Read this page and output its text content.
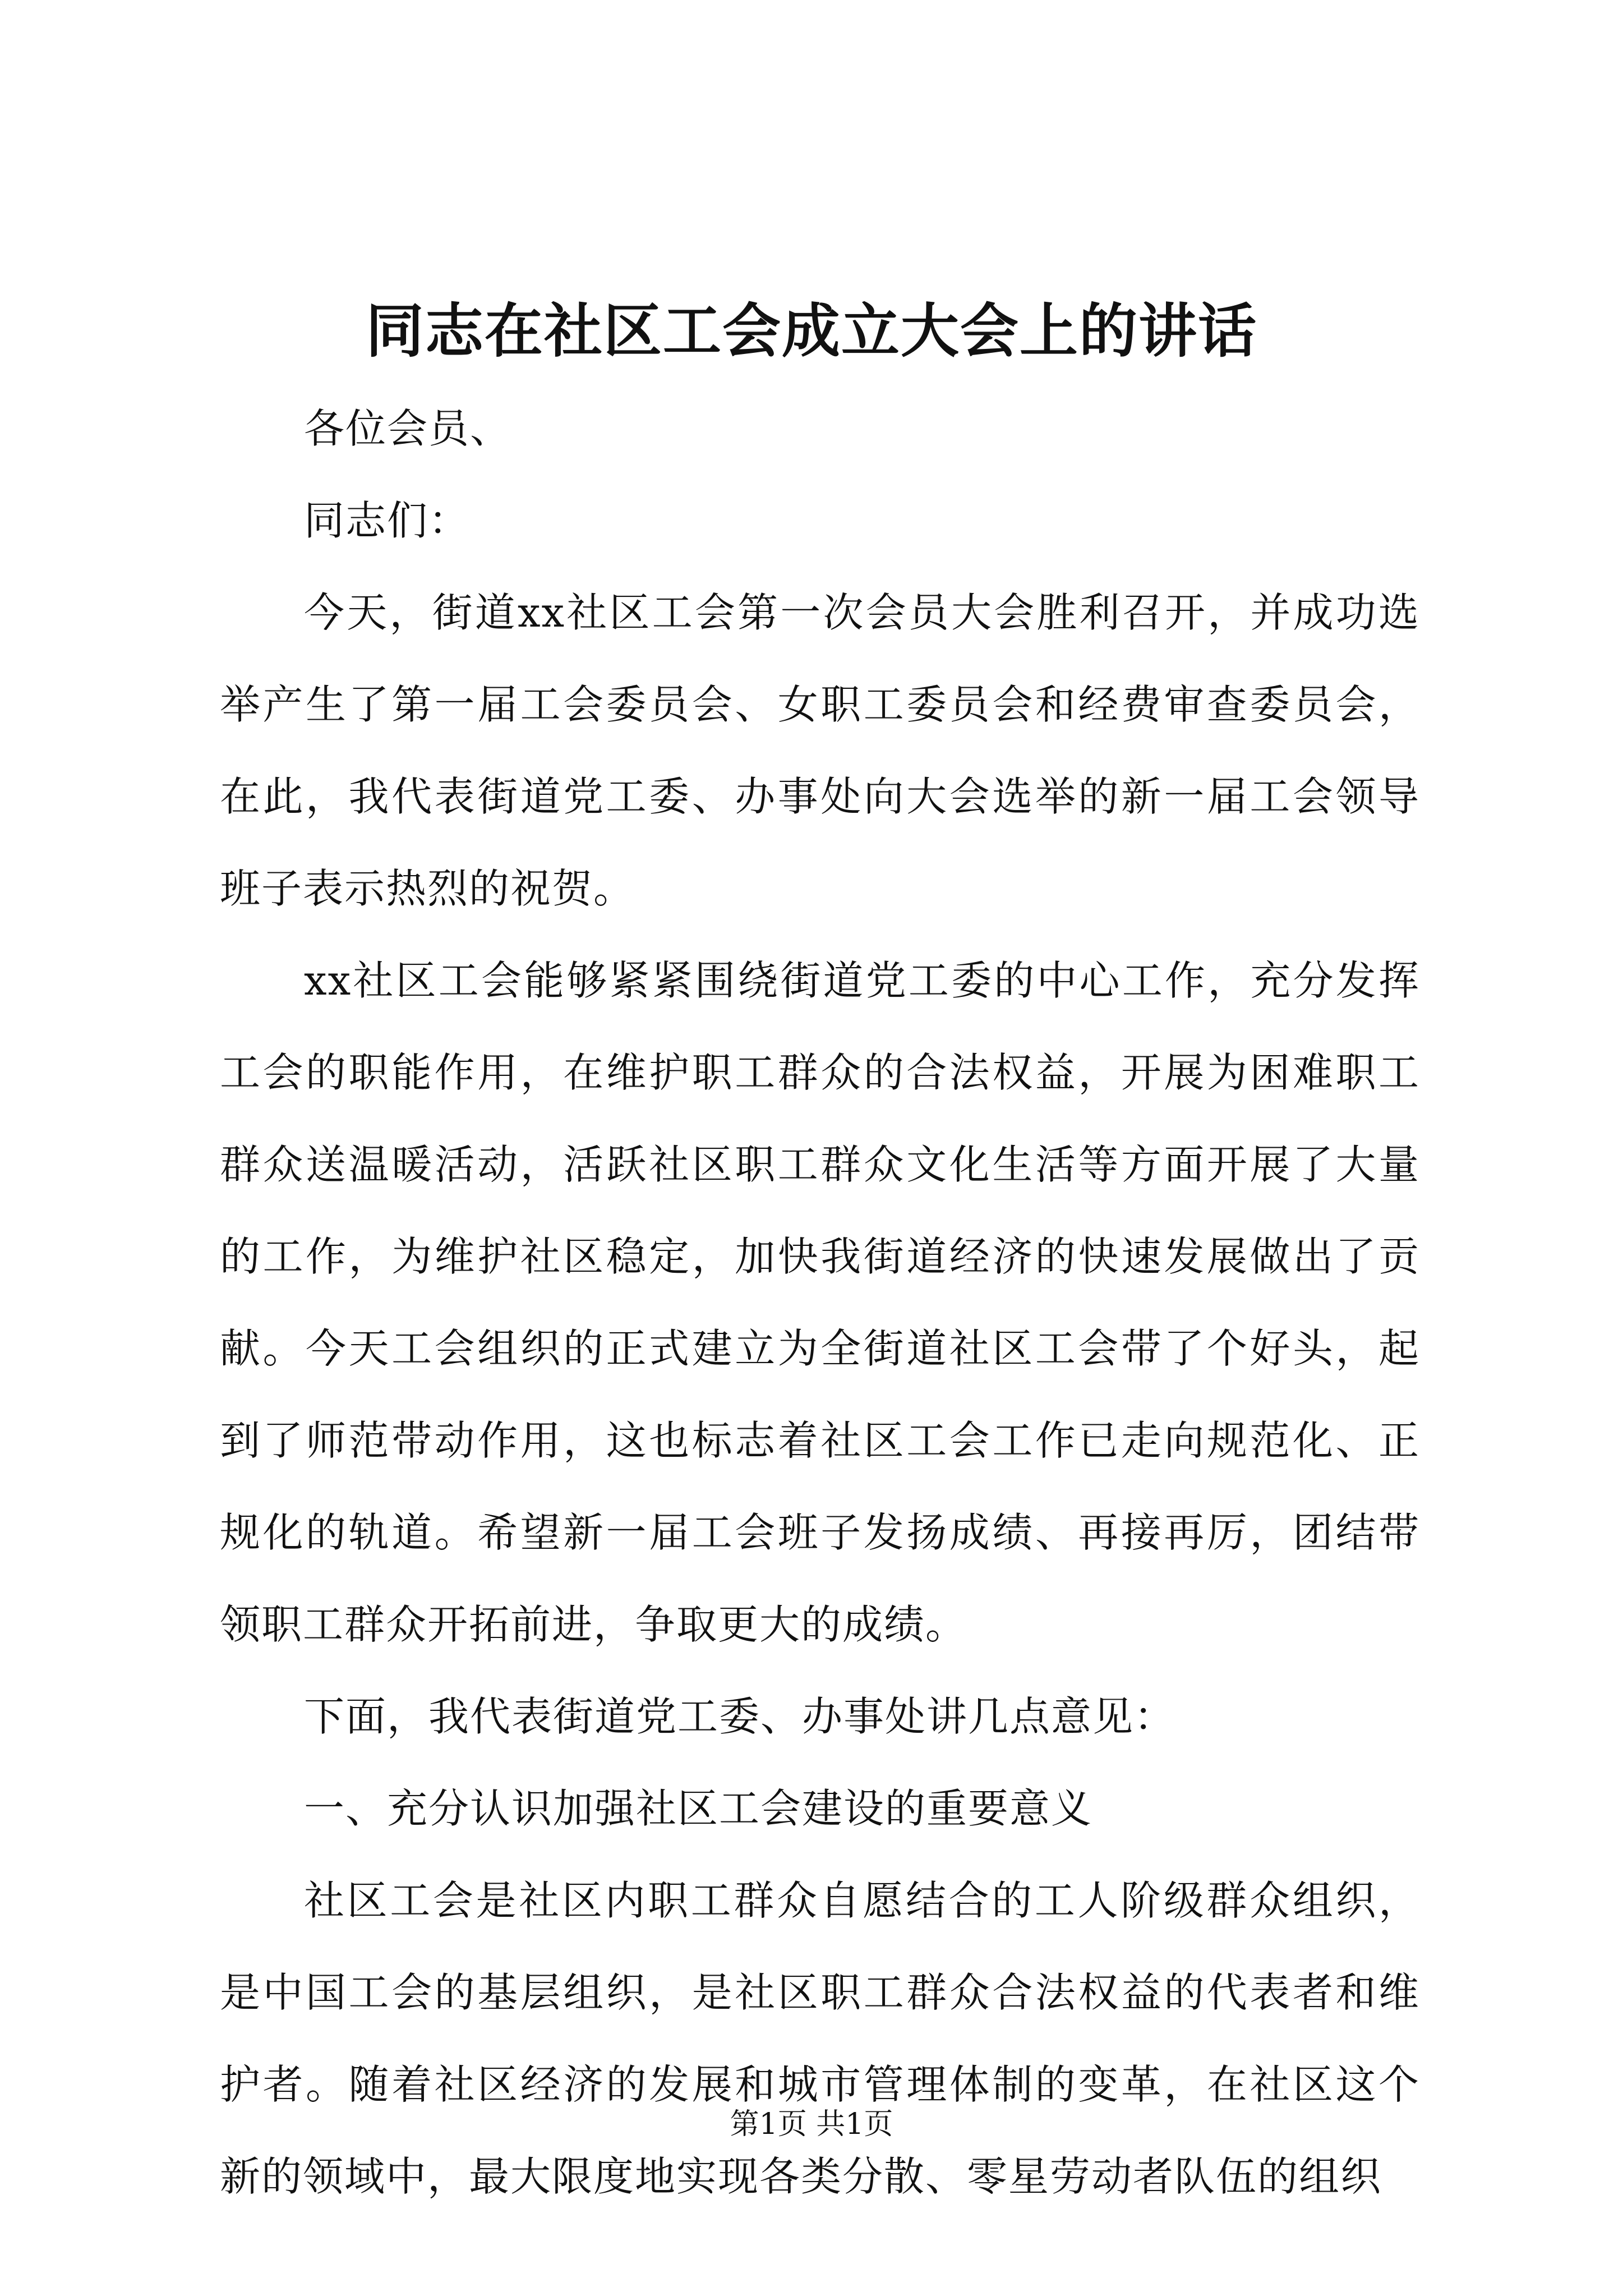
同志在社区工会成立大会上的讲话

各位会员、

同志们：

今天，街道xx社区工会第一次会员大会胜利召开，并成功选举产生了第一届工会委员会、女职工委员会和经费审查委员会，在此，我代表街道党工委、办事处向大会选举的新一届工会领导班子表示热烈的祝贺。

xx社区工会能够紧紧围绕街道党工委的中心工作，充分发挥工会的职能作用，在维护职工群众的合法权益，开展为困难职工群众送温暖活动，活跃社区职工群众文化生活等方面开展了大量的工作，为维护社区稳定，加快我街道经济的快速发展做出了贡献。今天工会组织的正式建立为全街道社区工会带了个好头，起到了师范带动作用，这也标志着社区工会工作已走向规范化、正规化的轨道。希望新一届工会班子发扬成绩、再接再厉，团结带领职工群众开拓前进，争取更大的成绩。

下面，我代表街道党工委、办事处讲几点意见：

一、充分认识加强社区工会建设的重要意义

社区工会是社区内职工群众自愿结合的工人阶级群众组织，是中国工会的基层组织，是社区职工群众合法权益的代表者和维护者。随着社区经济的发展和城市管理体制的变革，在社区这个新的领域中，最大限度地实现各类分散、零星劳动者队伍的组织

第1页 共1页
